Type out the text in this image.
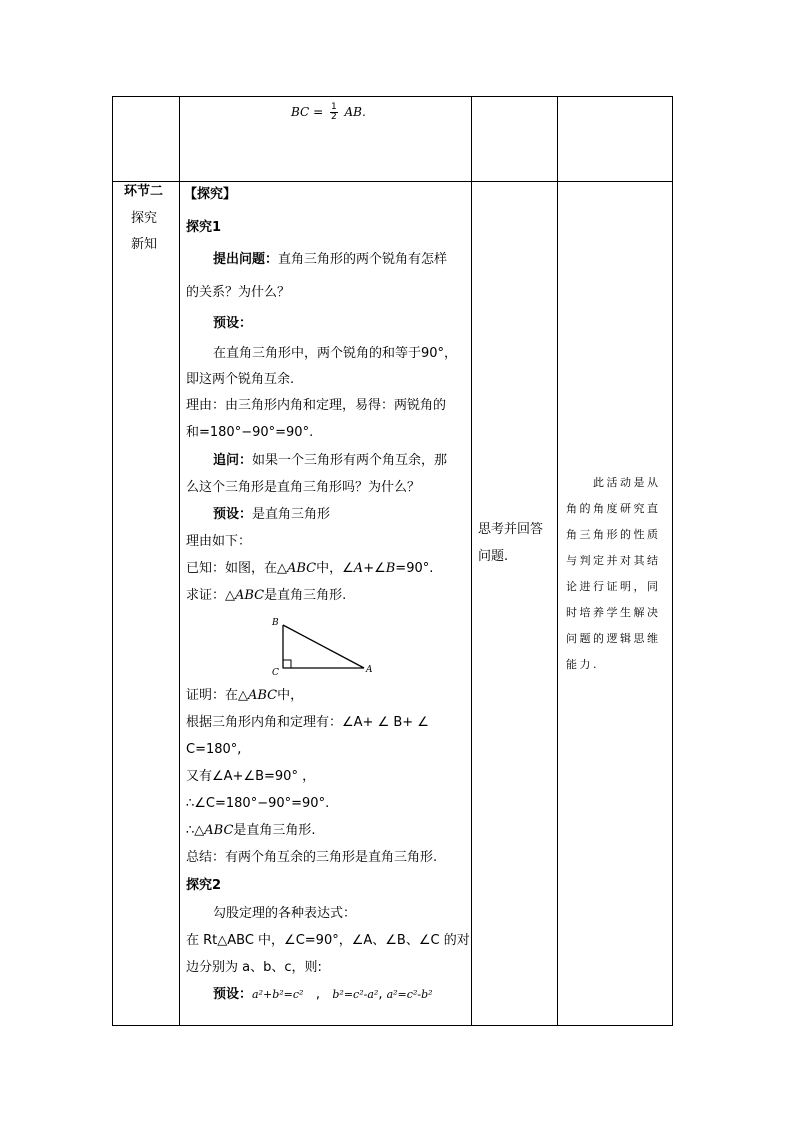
BC = $\frac{1}{2}$ AB.
环节二
探究
新知
【探究】
探究1
提出问题：直角三角形的两个锐角有怎样
的关系？为什么？
预设：
在直角三角形中，两个锐角的和等于90°，
即这两个锐角互余.
理由：由三角形内角和定理，易得：两锐角的
和=180°−90°=90°.
追问：如果一个三角形有两个角互余，那
么这个三角形是直角三角形吗？为什么？
预设：是直角三角形
理由如下：
已知：如图，在△ABC中，∠A+∠B=90°.
求证：△ABC是直角三角形.
B
C	A
证明：在△ABC中，
根据三角形内角和定理有：∠A+ ∠ B+ ∠
C=180°,
又有∠A+∠B=90° ，
∴∠C=180°−90°=90°.
∴△ABC是直角三角形.
总结：有两个角互余的三角形是直角三角形.
探究2
勾股定理的各种表达式：
在 Rt△ABC 中，∠C=90°，∠A、∠B、∠C 的对
边分别为 a、b、c，则:
预设：a²+b²=c²   ,   b²=c²-a², a²=c²-b²
思考并回答
问题.
　　此活动是从角的角度研究直角三角形的性质与判定并对其结论进行证明，同时培养学生解决问题的逻辑思维能力.
